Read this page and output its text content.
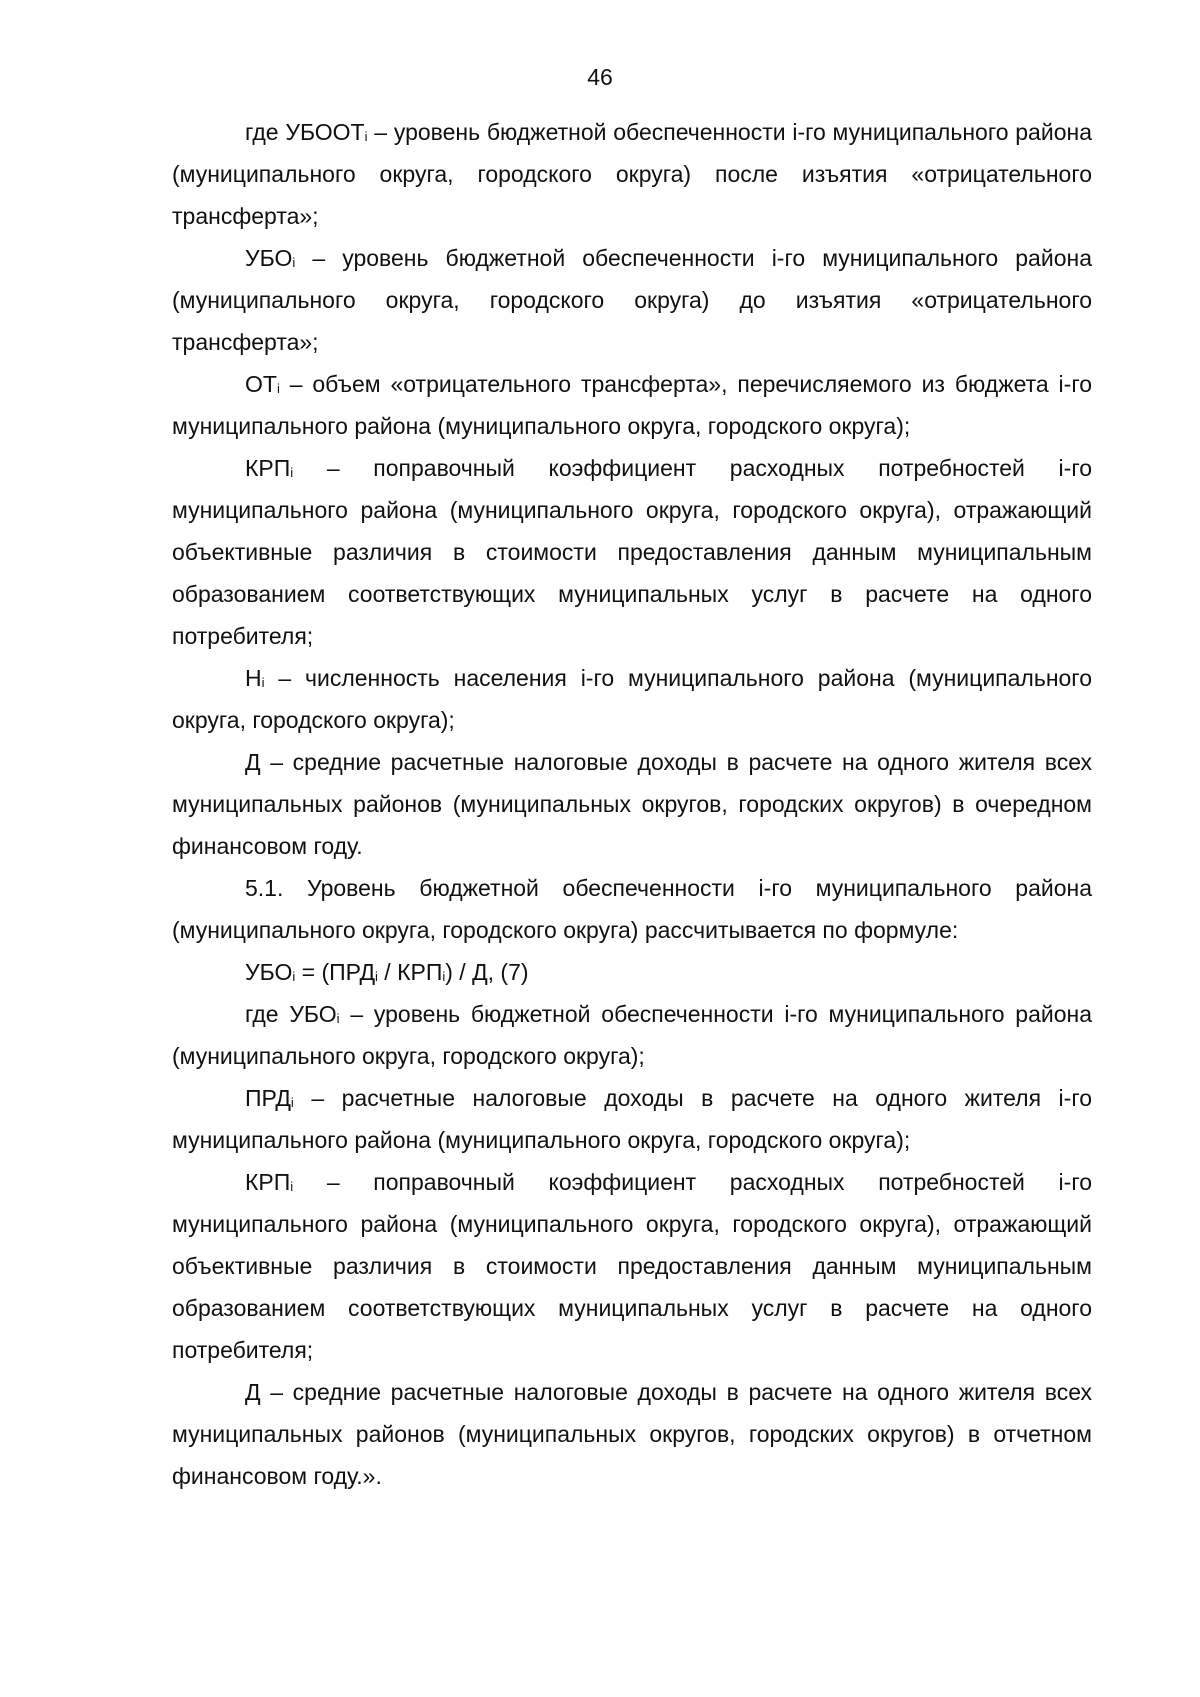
46

где $УБООТ_i$ – уровень бюджетной обеспеченности i-го муниципального района (муниципального округа, городского округа) после изъятия «отрицательного трансферта»;

$УБО_i$ – уровень бюджетной обеспеченности i-го муниципального района (муниципального округа, городского округа) до изъятия «отрицательного трансферта»;

$ОТ_i$ – объем «отрицательного трансферта», перечисляемого из бюджета i-го муниципального района (муниципального округа, городского округа);

$КРП_i$ – поправочный коэффициент расходных потребностей i-го муниципального района (муниципального округа, городского округа), отражающий объективные различия в стоимости предоставления данным муниципальным образованием соответствующих муниципальных услуг в расчете на одного потребителя;

$Н_i$ – численность населения i-го муниципального района (муниципального округа, городского округа);

Д – средние расчетные налоговые доходы в расчете на одного жителя всех муниципальных районов (муниципальных округов, городских округов) в очередном финансовом году.

5.1. Уровень бюджетной обеспеченности i-го муниципального района (муниципального округа, городского округа) рассчитывается по формуле:

$УБО_i = (ПРД_i / КРП_i) / Д$, (7)

где $УБО_i$ – уровень бюджетной обеспеченности i-го муниципального района (муниципального округа, городского округа);

$ПРД_i$ – расчетные налоговые доходы в расчете на одного жителя i-го муниципального района (муниципального округа, городского округа);

$КРП_i$ – поправочный коэффициент расходных потребностей i-го муниципального района (муниципального округа, городского округа), отражающий объективные различия в стоимости предоставления данным муниципальным образованием соответствующих муниципальных услуг в расчете на одного потребителя;

Д – средние расчетные налоговые доходы в расчете на одного жителя всех муниципальных районов (муниципальных округов, городских округов) в отчетном финансовом году.».
